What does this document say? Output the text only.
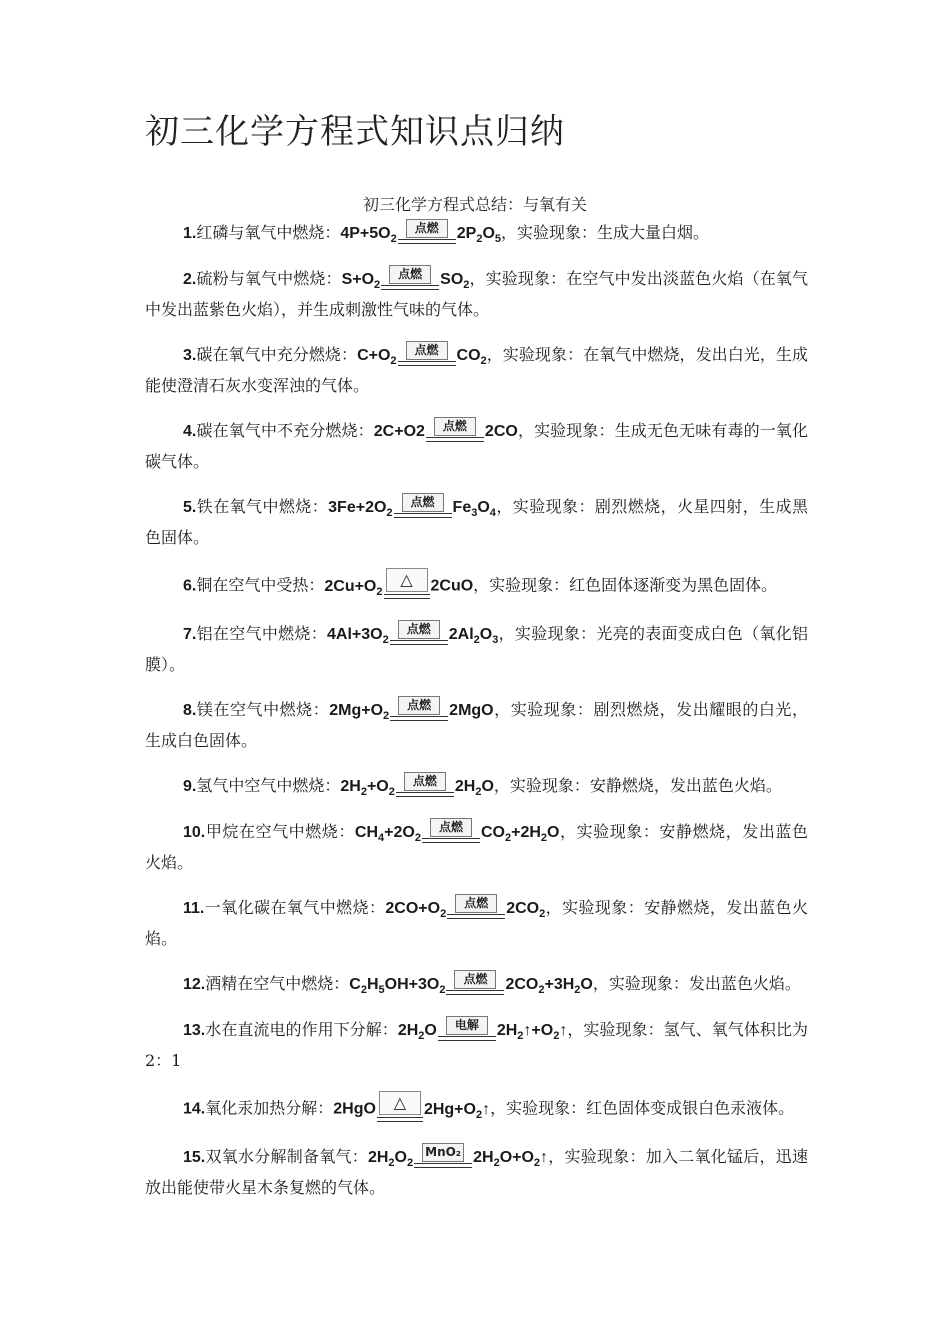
初三化学方程式知识点归纳
初三化学方程式总结：与氧有关

1.红磷与氧气中燃烧：$4P+5O_2$
点燃	$2P_2O_5$，实验现象：生成大量白烟。

2.硫粉与氧气中燃烧：$S+O_2$
点燃	$SO_2$，实验现象：在空气中发出淡蓝色火焰（在氧气中发出蓝紫色火焰），并生成刺激性气味的气体。

3.碳在氧气中充分燃烧：$C+O_2$
点燃	$CO_2$，实验现象：在氧气中燃烧，发出白光，生成能使澄清石灰水变浑浊的气体。

4.碳在氧气中不充分燃烧：2C+O2	点燃	2CO，实验现象：生成无色无味有毒的一氧化碳气体。

5.铁在氧气中燃烧：$3Fe+2O_2$
点燃	$Fe_3O_4$，实验现象：剧烈燃烧，火星四射，生成黑色固体。

6.铜在空气中受热：$2Cu+O_2$
△	2CuO，实验现象：红色固体逐渐变为黑色固体。

7.铝在空气中燃烧：$4Al+3O_2$
点燃	$2Al_2O_3$，实验现象：光亮的表面变成白色（氧化铝膜）。

8.镁在空气中燃烧：$2Mg+O_2$
点燃	2MgO，实验现象：剧烈燃烧，发出耀眼的白光，生成白色固体。

9.氢气中空气中燃烧：$2H_2+O_2$
点燃	$2H_2O$，实验现象：安静燃烧，发出蓝色火焰。

10.甲烷在空气中燃烧：$CH_4+2O_2$
点燃	$CO_2+2H_2O$，实验现象：安静燃烧，发出蓝色火焰。

11.一氧化碳在氧气中燃烧：$2CO+O_2$
点燃	$2CO_2$，实验现象：安静燃烧，发出蓝色火焰。

12.酒精在空气中燃烧：$C_2H_5OH+3O_2$
点燃	$2CO_2+3H_2O$，实验现象：发出蓝色火焰。

13.水在直流电的作用下分解：$2H_2O$	电解	$2H_2↑+O_2↑$，实验现象：氢气、氧气体积比为 2：1

14.氧化汞加热分解：2HgO	△	$2Hg+O_2↑$，实验现象：红色固体变成银白色汞液体。

15.双氧水分解制备氧气：$2H_2O_2$
MnO₂ $2H_2O+O_2↑$，实验现象：加入二氧化锰后，迅速放出能使带火星木条复燃的气体。
